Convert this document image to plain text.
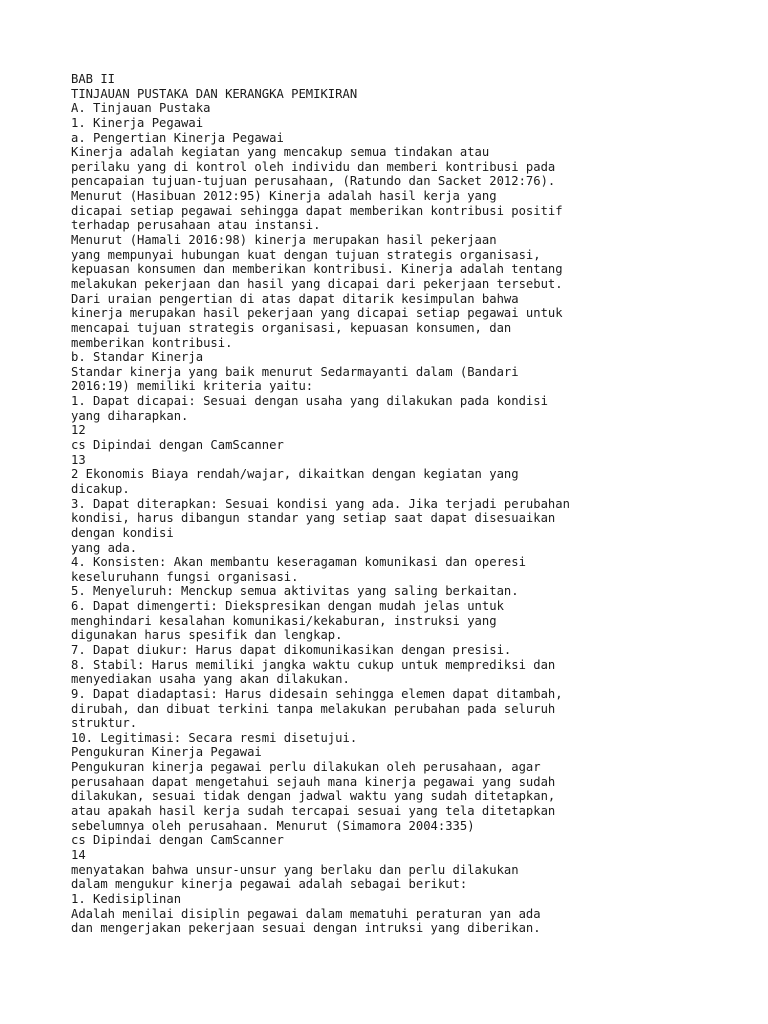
BAB II
TINJAUAN PUSTAKA DAN KERANGKA PEMIKIRAN
A. Tinjauan Pustaka
1. Kinerja Pegawai
a. Pengertian Kinerja Pegawai
Kinerja adalah kegiatan yang mencakup semua tindakan atau
perilaku yang di kontrol oleh individu dan memberi kontribusi pada
pencapaian tujuan-tujuan perusahaan, (Ratundo dan Sacket 2012:76).
Menurut (Hasibuan 2012:95) Kinerja adalah hasil kerja yang
dicapai setiap pegawai sehingga dapat memberikan kontribusi positif
terhadap perusahaan atau instansi.
Menurut (Hamali 2016:98) kinerja merupakan hasil pekerjaan
yang mempunyai hubungan kuat dengan tujuan strategis organisasi,
kepuasan konsumen dan memberikan kontribusi. Kinerja adalah tentang
melakukan pekerjaan dan hasil yang dicapai dari pekerjaan tersebut.
Dari uraian pengertian di atas dapat ditarik kesimpulan bahwa
kinerja merupakan hasil pekerjaan yang dicapai setiap pegawai untuk
mencapai tujuan strategis organisasi, kepuasan konsumen, dan
memberikan kontribusi.
b. Standar Kinerja
Standar kinerja yang baik menurut Sedarmayanti dalam (Bandari
2016:19) memiliki kriteria yaitu:
1. Dapat dicapai: Sesuai dengan usaha yang dilakukan pada kondisi
yang diharapkan.
12
cs Dipindai dengan CamScanner
13
2 Ekonomis Biaya rendah/wajar, dikaitkan dengan kegiatan yang
dicakup.
3. Dapat diterapkan: Sesuai kondisi yang ada. Jika terjadi perubahan
kondisi, harus dibangun standar yang setiap saat dapat disesuaikan
dengan kondisi
yang ada.
4. Konsisten: Akan membantu keseragaman komunikasi dan operesi
keseluruhann fungsi organisasi.
5. Menyeluruh: Menckup semua aktivitas yang saling berkaitan.
6. Dapat dimengerti: Diekspresikan dengan mudah jelas untuk
menghindari kesalahan komunikasi/kekaburan, instruksi yang
digunakan harus spesifik dan lengkap.
7. Dapat diukur: Harus dapat dikomunikasikan dengan presisi.
8. Stabil: Harus memiliki jangka waktu cukup untuk memprediksi dan
menyediakan usaha yang akan dilakukan.
9. Dapat diadaptasi: Harus didesain sehingga elemen dapat ditambah,
dirubah, dan dibuat terkini tanpa melakukan perubahan pada seluruh
struktur.
10. Legitimasi: Secara resmi disetujui.
Pengukuran Kinerja Pegawai
Pengukuran kinerja pegawai perlu dilakukan oleh perusahaan, agar
perusahaan dapat mengetahui sejauh mana kinerja pegawai yang sudah
dilakukan, sesuai tidak dengan jadwal waktu yang sudah ditetapkan,
atau apakah hasil kerja sudah tercapai sesuai yang tela ditetapkan
sebelumnya oleh perusahaan. Menurut (Simamora 2004:335)
cs Dipindai dengan CamScanner
14
menyatakan bahwa unsur-unsur yang berlaku dan perlu dilakukan
dalam mengukur kinerja pegawai adalah sebagai berikut:
1. Kedisiplinan
Adalah menilai disiplin pegawai dalam mematuhi peraturan yan ada
dan mengerjakan pekerjaan sesuai dengan intruksi yang diberikan.
